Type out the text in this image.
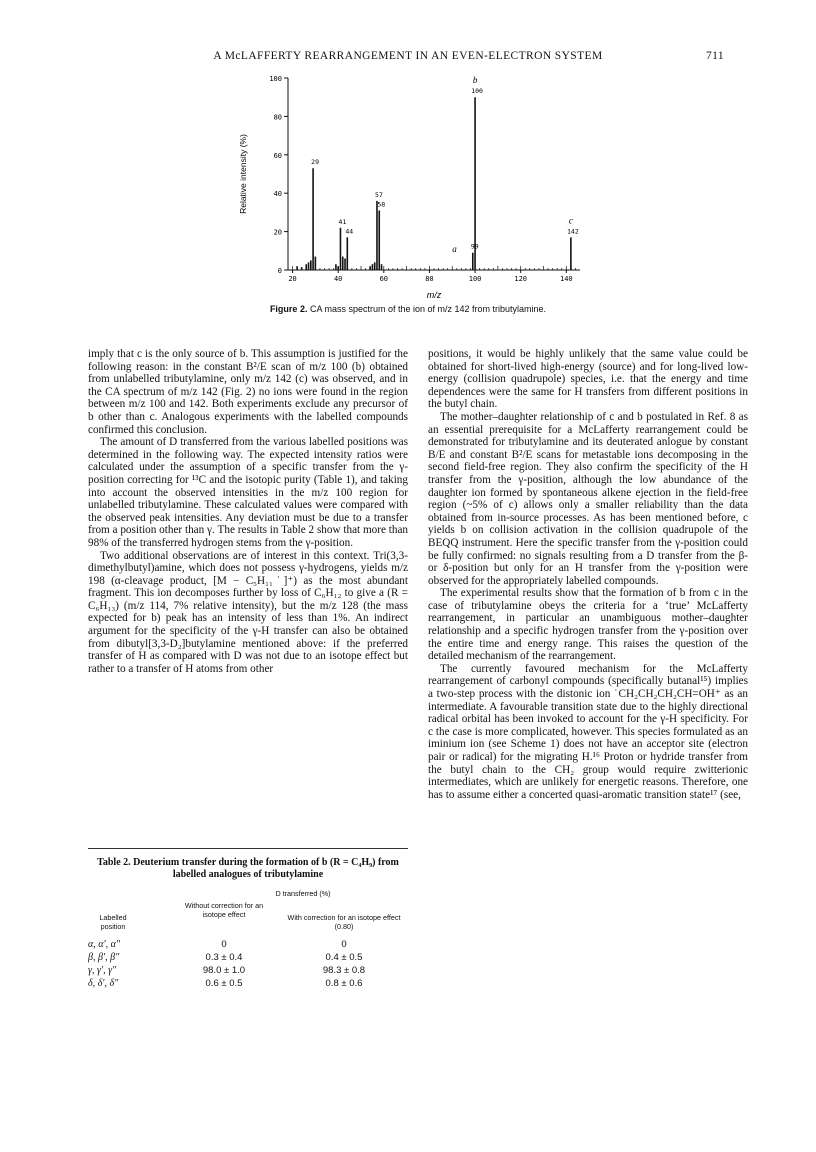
A McLAFFERTY REARRANGEMENT IN AN EVEN-ELECTRON SYSTEM	711
0
20
40
60
80
100
20	40	60	80	100	120	140
m/z
Relative intensity (%)	29
41
44
57
58
99
100
142
b
c
a
Figure 2. CA mass spectrum of the ion of m/z 142 from tributylamine.

imply that c is the only source of b. This assumption is justified for the following reason: in the constant B²/E scan of m/z 100 (b) obtained from unlabelled tributylamine, only m/z 142 (c) was observed, and in the CA spectrum of m/z 142 (Fig. 2) no ions were found in the region between m/z 100 and 142. Both experiments exclude any precursor of b other than c. Analogous experiments with the labelled compounds confirmed this conclusion.

The amount of D transferred from the various labelled positions was determined in the following way. The expected intensity ratios were calculated under the assumption of a specific transfer from the γ-position correcting for ¹³C and the isotopic purity (Table 1), and taking into account the observed intensities in the m/z 100 region for unlabelled tributylamine. These calculated values were compared with the observed peak intensities. Any deviation must be due to a transfer from a position other than γ. The results in Table 2 show that more than 98% of the transferred hydrogen stems from the γ-position.

Two additional observations are of interest in this context. Tri(3,3-dimethylbutyl)amine, which does not possess γ-hydrogens, yields m/z 198 (α-cleavage product, [M − C₅H₁₁˙]⁺) as the most abundant fragment. This ion decomposes further by loss of C₆H₁₂ to give a (R = C₆H₁₃) (m/z 114, 7% relative intensity), but the m/z 128 (the mass expected for b) peak has an intensity of less than 1%. An indirect argument for the specificity of the γ-H transfer can also be obtained from dibutyl[3,3-D₂]butylamine mentioned above: if the preferred transfer of H as compared with D was not due to an isotope effect but rather to a transfer of H atoms from other

positions, it would be highly unlikely that the same value could be obtained for short-lived high-energy (source) and for long-lived low-energy (collision quadrupole) species, i.e. that the energy and time dependences were the same for H transfers from different positions in the butyl chain.

The mother–daughter relationship of c and b postulated in Ref. 8 as an essential prerequisite for a McLafferty rearrangement could be demonstrated for tributylamine and its deuterated anlogue by constant B/E and constant B²/E scans for metastable ions decomposing in the second field-free region. They also confirm the specificity of the H transfer from the γ-position, although the low abundance of the daughter ion formed by spontaneous alkene ejection in the field-free region (~5% of c) allows only a smaller reliability than the data obtained from in-source processes. As has been mentioned before, c yields b on collision activation in the collision quadrupole of the BEQQ instrument. Here the specific transfer from the γ-position could be fully confirmed: no signals resulting from a D transfer from the β- or δ-position but only for an H transfer from the γ-position were observed for the appropriately labelled compounds.

The experimental results show that the formation of b from c in the case of tributylamine obeys the criteria for a ‘true’ McLafferty rearrangement, in particular an unambiguous mother–daughter relationship and a specific hydrogen transfer from the γ-position over the entire time and energy range. This raises the question of the detailed mechanism of the rearrangement.

The currently favoured mechanism for the McLafferty rearrangement of carbonyl compounds (specifically butanal¹⁵) implies a two-step process with the distonic ion ˙CH₂CH₂CH₂CH=OH⁺ as an intermediate. A favourable transition state due to the highly directional radical orbital has been invoked to account for the γ-H specificity. For c the case is more complicated, however. This species formulated as an iminium ion (see Scheme 1) does not have an acceptor site (electron pair or radical) for the migrating H.¹⁶ Proton or hydride transfer from the butyl chain to the CH₂ group would require zwitterionic intermediates, which are unlikely for energetic reasons. Therefore, one has to assume either a concerted quasi-aromatic transition state¹⁷ (see,

Table 2. Deuterium transfer during the formation of b (R = C₄H₉) from labelled analogues of tributylamine
D transferred (%)
Labelled position
Without correction for an isotope effect	With correction for an isotope effect (0.80)
α, α′, α″	0	0
β, β′, β″	0.3 ± 0.4	0.4 ± 0.5
γ, γ′, γ″	98.0 ± 1.0	98.3 ± 0.8
δ, δ′, δ″	0.6 ± 0.5	0.8 ± 0.6
